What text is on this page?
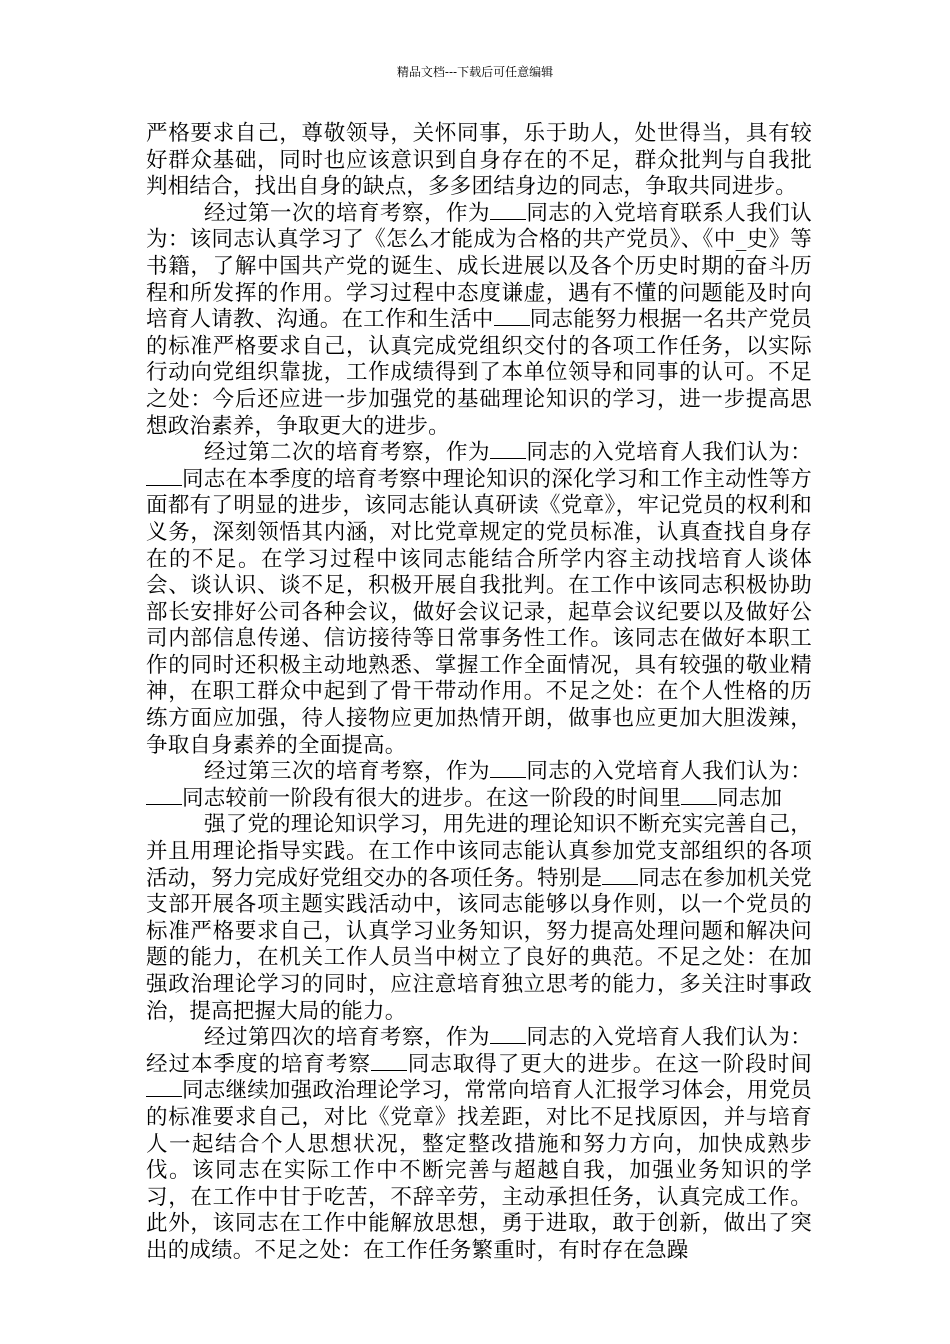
精品文档---下载后可任意编辑

严格要求自己，尊敬领导，关怀同事，乐于助人，处世得当，具有较好群众基础，同时也应该意识到自身存在的不足，群众批判与自我批判相结合，找出自身的缺点，多多团结身边的同志，争取共同进步。

经过第一次的培育考察，作为 同志的入党培育联系人我们认为：该同志认真学习了《怎么才能成为合格的共产党员》、《中_史》等书籍，了解中国共产党的诞生、成长进展以及各个历史时期的奋斗历程和所发挥的作用。学习过程中态度谦虚，遇有不懂的问题能及时向培育人请教、沟通。在工作和生活中 同志能努力根据一名共产党员的标准严格要求自己，认真完成党组织交付的各项工作任务，以实际行动向党组织靠拢，工作成绩得到了本单位领导和同事的认可。不足之处：今后还应进一步加强党的基础理论知识的学习，进一步提高思想政治素养，争取更大的进步。

经过第二次的培育考察，作为 同志的入党培育人我们认为：同志在本季度的培育考察中理论知识的深化学习和工作主动性等方面都有了明显的进步，该同志能认真研读《党章》，牢记党员的权利和义务，深刻领悟其内涵，对比党章规定的党员标准，认真查找自身存在的不足。在学习过程中该同志能结合所学内容主动找培育人谈体会、谈认识、谈不足，积极开展自我批判。在工作中该同志积极协助部长安排好公司各种会议，做好会议记录，起草会议纪要以及做好公司内部信息传递、信访接待等日常事务性工作。该同志在做好本职工作的同时还积极主动地熟悉、掌握工作全面情况，具有较强的敬业精神，在职工群众中起到了骨干带动作用。不足之处：在个人性格的历练方面应加强，待人接物应更加热情开朗，做事也应更加大胆泼辣，争取自身素养的全面提高。

经过第三次的培育考察，作为 同志的入党培育人我们认为：同志较前一阶段有很大的进步。在这一阶段的时间里 同志加

强了党的理论知识学习，用先进的理论知识不断充实完善自己，并且用理论指导实践。在工作中该同志能认真参加党支部组织的各项活动，努力完成好党组交办的各项任务。特别是 同志在参加机关党支部开展各项主题实践活动中，该同志能够以身作则，以一个党员的标准严格要求自己，认真学习业务知识，努力提高处理问题和解决问题的能力，在机关工作人员当中树立了良好的典范。不足之处：在加强政治理论学习的同时，应注意培育独立思考的能力，多关注时事政治，提高把握大局的能力。

经过第四次的培育考察，作为 同志的入党培育人我们认为：经过本季度的培育考察 同志取得了更大的进步。在这一阶段时间同志继续加强政治理论学习，常常向培育人汇报学习体会，用党员的标准要求自己，对比《党章》找差距，对比不足找原因，并与培育人一起结合个人思想状况，整定整改措施和努力方向，加快成熟步伐。该同志在实际工作中不断完善与超越自我，加强业务知识的学习，在工作中甘于吃苦，不辞辛劳，主动承担任务，认真完成工作。此外，该同志在工作中能解放思想，勇于进取，敢于创新，做出了突出的成绩。不足之处：在工作任务繁重时，有时存在急躁
